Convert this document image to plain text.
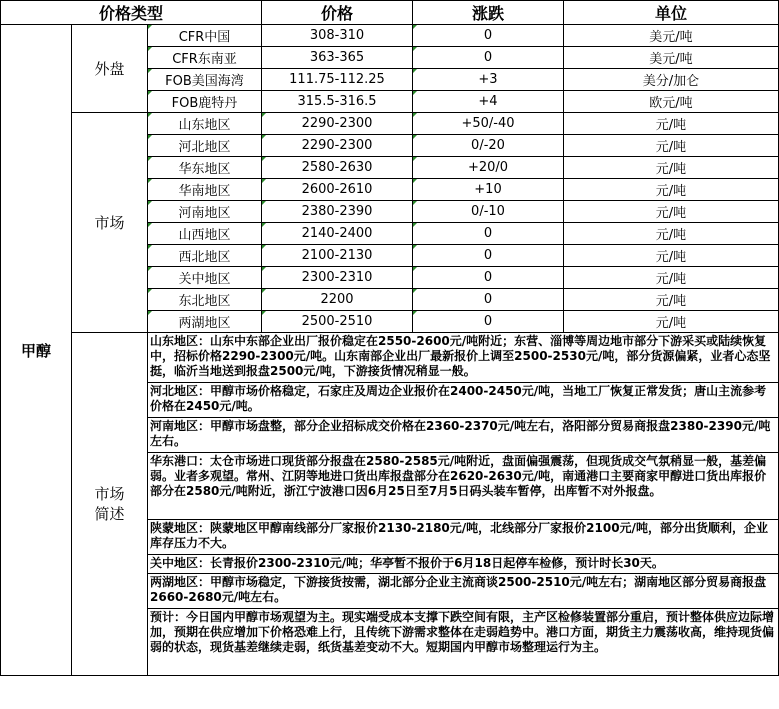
价格类型			价格	涨跌	单位
甲醇	外盘	CFR中国	308-310	0	美元/吨
		CFR东南亚	363-365	0	美元/吨
		FOB美国海湾	111.75-112.25	+3	美分/加仑
		FOB鹿特丹	315.5-316.5	+4	欧元/吨
	市场	山东地区	2290-2300	+50/-40	元/吨
		河北地区	2290-2300	0/-20	元/吨
		华东地区	2580-2630	+20/0	元/吨
		华南地区	2600-2610	+10	元/吨
		河南地区	2380-2390	0/-10	元/吨
		山西地区	2140-2400	0	元/吨
		西北地区	2100-2130	0	元/吨
		关中地区	2300-2310	0	元/吨
		东北地区	2200	0	元/吨
		两湖地区	2500-2510	0	元/吨
	市场
简述	山东地区：山东中东部企业出厂报价稳定在2550-2600元/吨附近；东营、淄博等周边地市部分下游采买或陆续恢复中，招标价格2290-2300元/吨。山东南部企业出厂最新报价上调至2500-2530元/吨，部分货源偏紧，业者心态坚挺，临沂当地送到报盘2500元/吨，下游接货情况稍显一般。			
		河北地区：甲醇市场价格稳定，石家庄及周边企业报价在2400-2450元/吨，当地工厂恢复正常发货；唐山主流参考价格在2450元/吨。			
		河南地区：甲醇市场盘整，部分企业招标成交价格在2360-2370元/吨左右，洛阳部分贸易商报盘2380-2390元/吨左右。			
		华东港口：太仓市场进口现货部分报盘在2580-2585元/吨附近，盘面偏强震荡，但现货成交气氛稍显一般，基差偏弱。业者多观望。常州、江阴等地进口货出库报盘部分在2620-2630元/吨，南通港口主要商家甲醇进口货出库报价部分在2580元/吨附近，浙江宁波港口因6月25日至7月5日码头装车暂停，出库暂不对外报盘。			
		陕蒙地区：陕蒙地区甲醇南线部分厂家报价2130-2180元/吨，北线部分厂家报价2100元/吨，部分出货顺利，企业库存压力不大。			
		关中地区：长青报价2300-2310元/吨；华亭暂不报价于6月18日起停车检修，预计时长30天。			
		两湖地区：甲醇市场稳定，下游接货按需，湖北部分企业主流商谈2500-2510元/吨左右；湖南地区部分贸易商报盘2660-2680元/吨左右。			
		预计：今日国内甲醇市场观望为主。现实端受成本支撑下跌空间有限，主产区检修装置部分重启，预计整体供应边际增加，预期在供应增加下价格恐难上行，且传统下游需求整体在走弱趋势中。港口方面，期货主力震荡收高，维持现货偏弱的状态，现货基差继续走弱，纸货基差变动不大。短期国内甲醇市场整理运行为主。			
